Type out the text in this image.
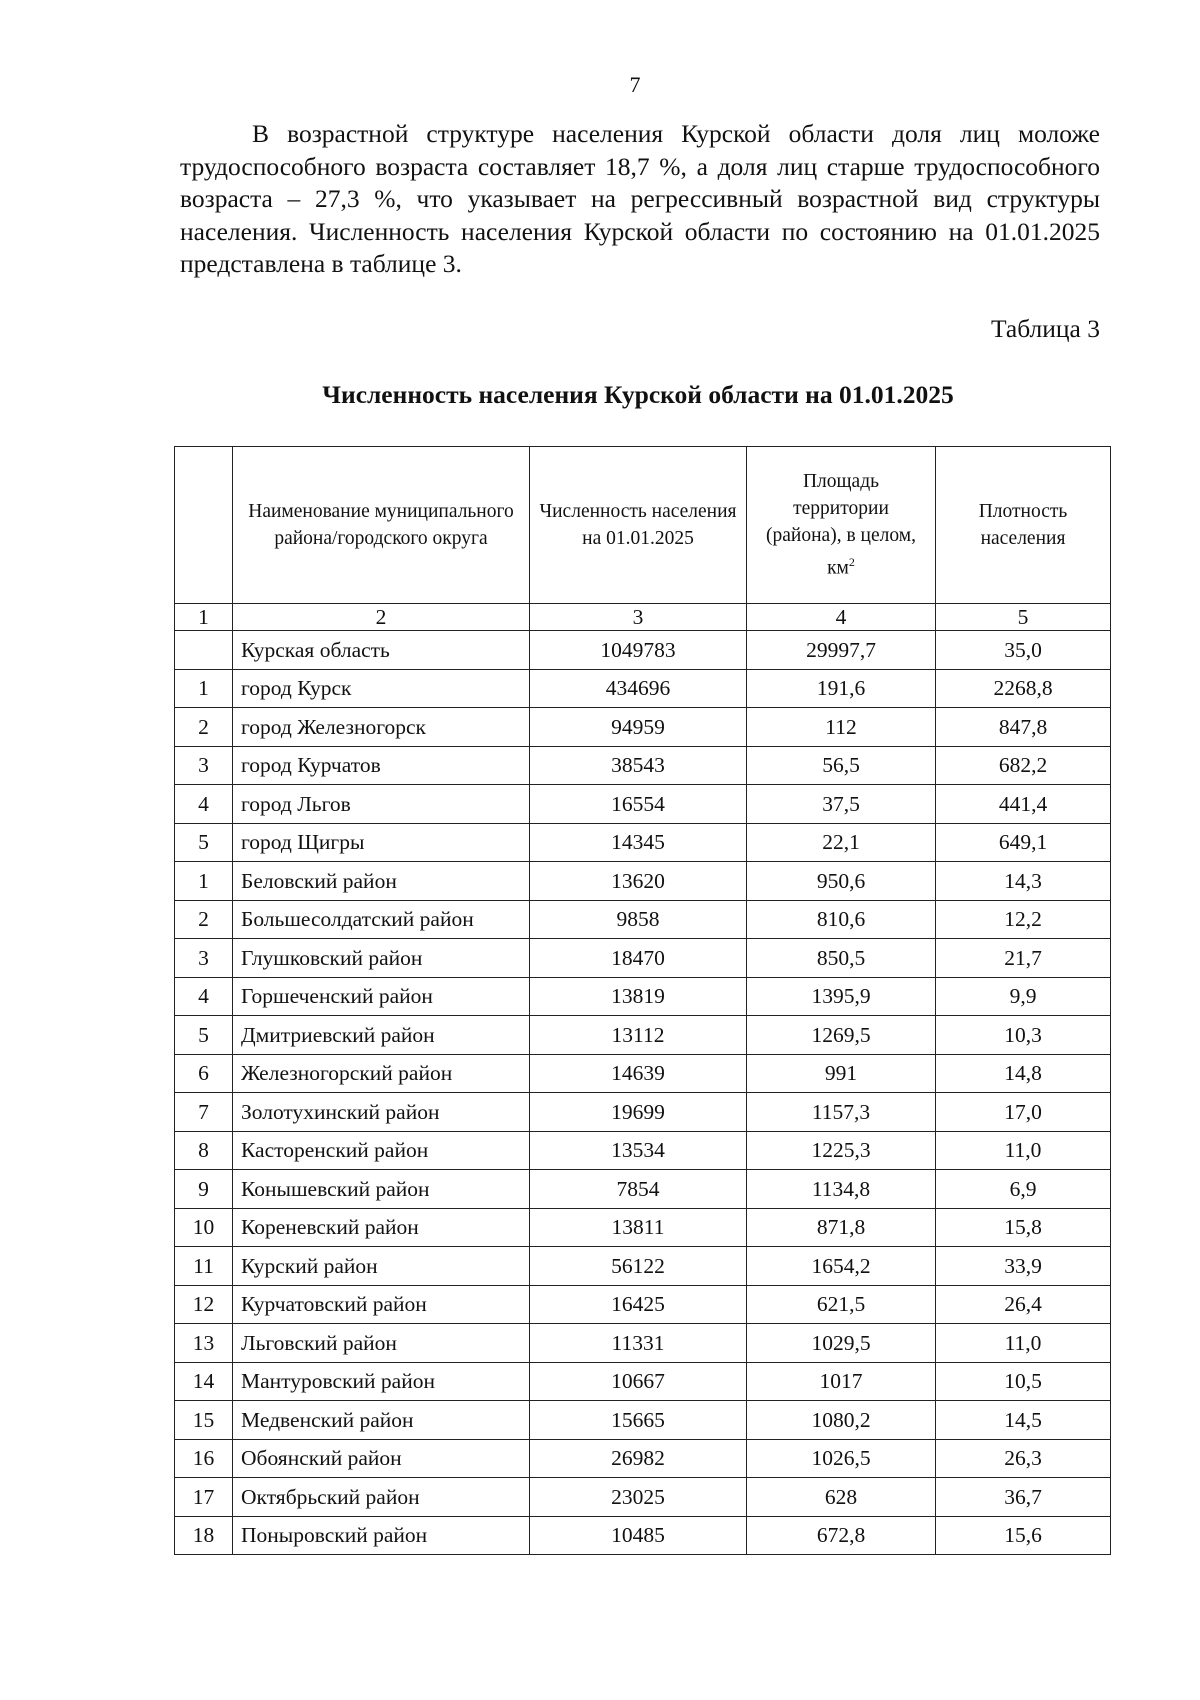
7

В возрастной структуре населения Курской области доля лиц моложе трудоспособного возраста составляет 18,7 %, а доля лиц старше трудоспособного возраста – 27,3 %, что указывает на регрессивный возрастной вид структуры населения. Численность населения Курской области по состоянию на 01.01.2025 представлена в таблице 3.

Таблица 3
Численность населения Курской области на 01.01.2025
	Наименование муниципального района/городского округа	Численность населения на 01.01.2025	Площадь территории (района), в целом, $км^2$	Плотность населения
1	2	3	4	5
	Курская область	1049783	29997,7	35,0
1	город Курск	434696	191,6	2268,8
2	город Железногорск	94959	112	847,8
3	город Курчатов	38543	56,5	682,2
4	город Льгов	16554	37,5	441,4
5	город Щигры	14345	22,1	649,1
1	Беловский район	13620	950,6	14,3
2	Большесолдатский район	9858	810,6	12,2
3	Глушковский район	18470	850,5	21,7
4	Горшеченский район	13819	1395,9	9,9
5	Дмитриевский район	13112	1269,5	10,3
6	Железногорский район	14639	991	14,8
7	Золотухинский район	19699	1157,3	17,0
8	Касторенский район	13534	1225,3	11,0
9	Конышевский район	7854	1134,8	6,9
10	Кореневский район	13811	871,8	15,8
11	Курский район	56122	1654,2	33,9
12	Курчатовский район	16425	621,5	26,4
13	Льговский район	11331	1029,5	11,0
14	Мантуровский район	10667	1017	10,5
15	Медвенский район	15665	1080,2	14,5
16	Обоянский район	26982	1026,5	26,3
17	Октябрьский район	23025	628	36,7
18	Поныровский район	10485	672,8	15,6
